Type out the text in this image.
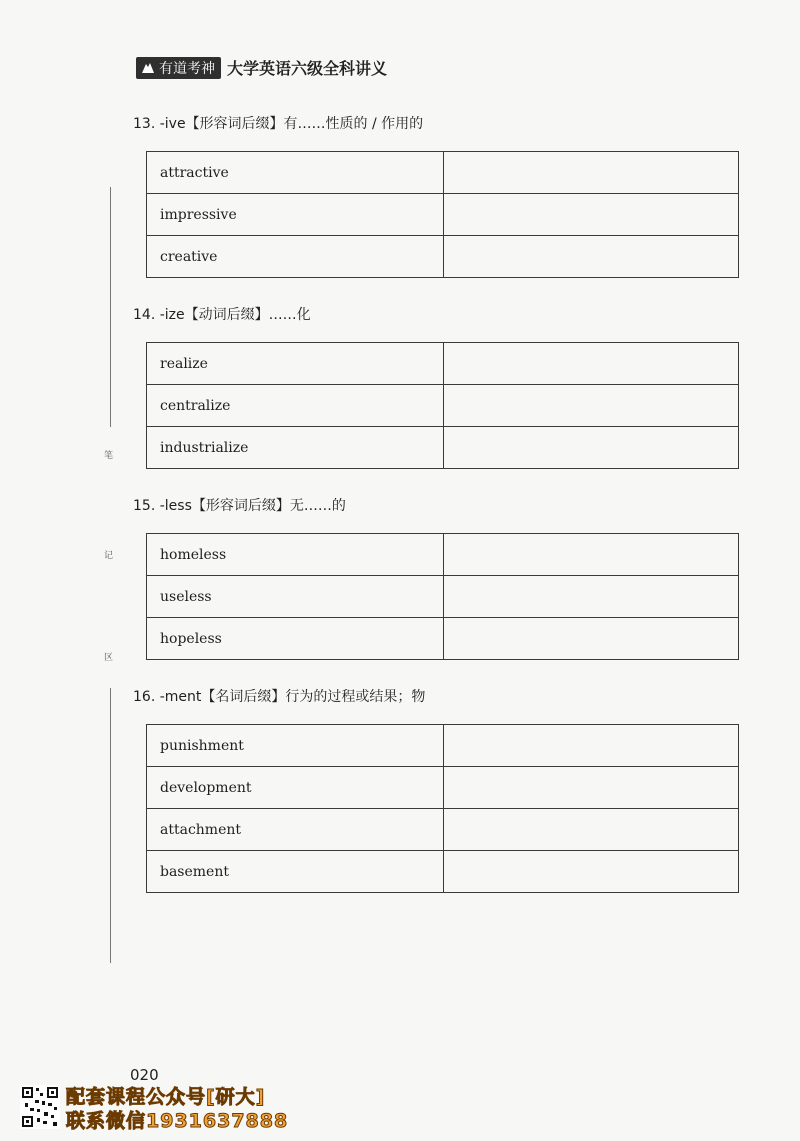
有道考神 大学英语六级全科讲义
笔
记
区
13. -ive【形容词后缀】有……性质的 / 作用的
attractive	
impressive	
creative	
14. -ize【动词后缀】……化
realize	
centralize	
industrialize	
15. -less【形容词后缀】无……的
homeless	
useless	
hopeless	
16. -ment【名词后缀】行为的过程或结果；物
punishment	
development	
attachment	
basement	
020
配套课程公众号[研大]
联系微信1931637888
